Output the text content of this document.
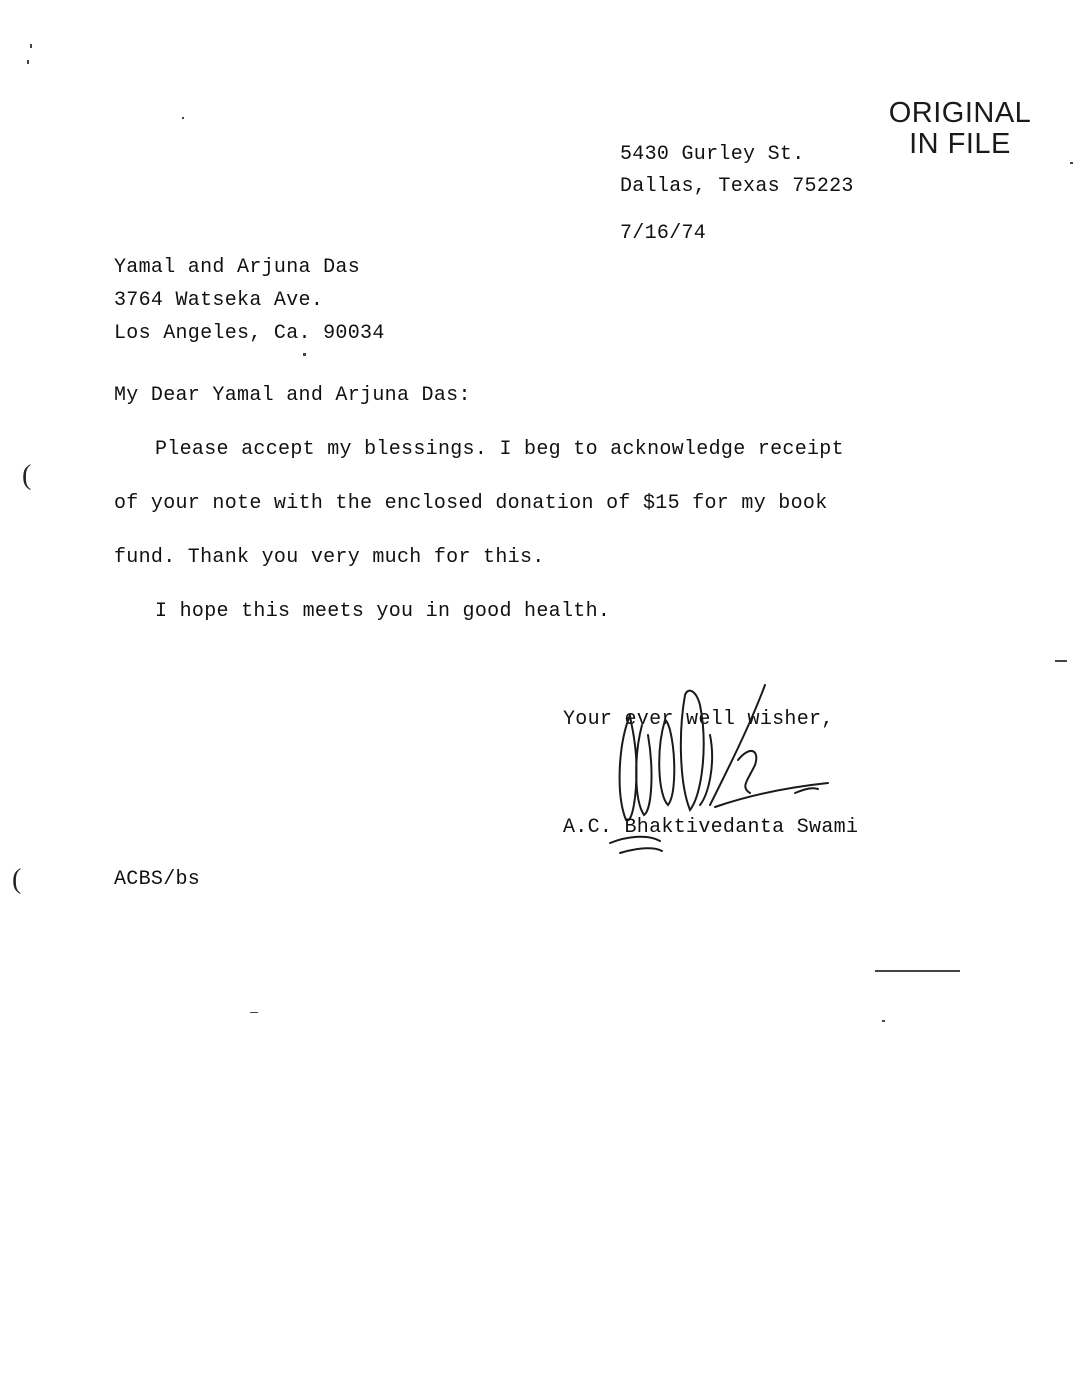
ORIGINAL
IN FILE
5430 Gurley St.
Dallas, Texas 75223
7/16/74
Yamal and Arjuna Das
3764 Watseka Ave.
Los Angeles, Ca. 90034
My Dear Yamal and Arjuna Das:
Please accept my blessings. I beg to acknowledge receipt
of your note with the enclosed donation of $15 for my book
fund. Thank you very much for this.
I hope this meets you in good health.
Your ever well wisher,
A.C. Bhaktivedanta Swami
ACBS/bs
(
(
